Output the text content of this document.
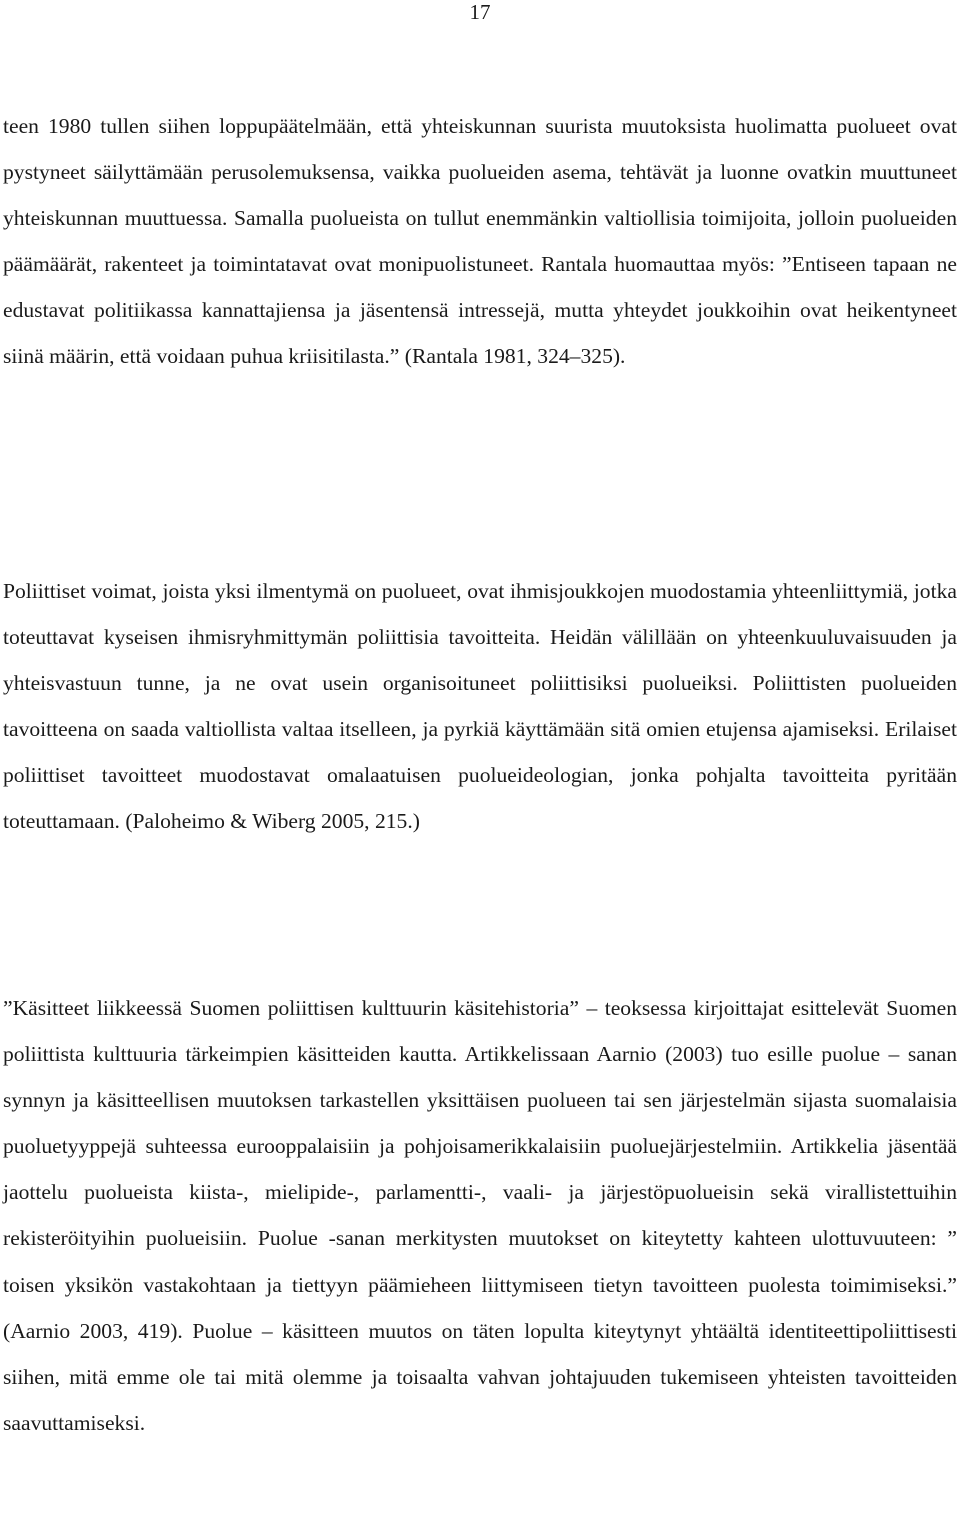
17

teen 1980 tullen siihen loppupäätelmään, että yhteiskunnan suurista muutoksista huolimatta puolueet ovat pystyneet säilyttämään perusolemuksensa, vaikka puolueiden asema, tehtävät ja luonne ovatkin muuttuneet yhteiskunnan muuttuessa. Samalla puolueista on tullut enemmänkin valtiollisia toimijoita, jolloin puolueiden päämäärät, rakenteet ja toimintatavat ovat monipuolistuneet. Rantala huomauttaa myös: ”Entiseen tapaan ne edustavat politiikassa kannattajiensa ja jäsentensä intressejä, mutta yhteydet joukkoihin ovat heikentyneet siinä määrin, että voidaan puhua kriisitilasta.” (Rantala 1981, 324–325).

Poliittiset voimat, joista yksi ilmentymä on puolueet, ovat ihmisjoukkojen muodostamia yhteenliittymiä, jotka toteuttavat kyseisen ihmisryhmittymän poliittisia tavoitteita. Heidän välillään on yhteenkuuluvaisuuden ja yhteisvastuun tunne, ja ne ovat usein organisoituneet poliittisiksi puolueiksi. Poliittisten puolueiden tavoitteena on saada valtiollista valtaa itselleen, ja pyrkiä käyttämään sitä omien etujensa ajamiseksi. Erilaiset poliittiset tavoitteet muodostavat omalaatuisen puolueideologian, jonka pohjalta tavoitteita pyritään toteuttamaan. (Paloheimo & Wiberg 2005, 215.)

”Käsitteet liikkeessä Suomen poliittisen kulttuurin käsitehistoria” – teoksessa kirjoittajat esittelevät Suomen poliittista kulttuuria tärkeimpien käsitteiden kautta. Artikkelissaan Aarnio (2003) tuo esille puolue – sanan synnyn ja käsitteellisen muutoksen tarkastellen yksittäisen puolueen tai sen järjestelmän sijasta suomalaisia puoluetyyppejä suhteessa eurooppalaisiin ja pohjoisamerikkalaisiin puoluejärjestelmiin. Artikkelia jäsentää jaottelu puolueista kiista-, mielipide-, parlamentti-, vaali- ja järjestöpuolueisin sekä virallistettuihin rekisteröityihin puolueisiin. Puolue -sanan merkitysten muutokset on kiteytetty kahteen ulottuvuuteen: ” toisen yksikön vastakohtaan ja tiettyyn päämieheen liittymiseen tietyn tavoitteen puolesta toimimiseksi.” (Aarnio 2003, 419). Puolue – käsitteen muutos on täten lopulta kiteytynyt yhtäältä identiteettipoliittisesti siihen, mitä emme ole tai mitä olemme ja toisaalta vahvan johtajuuden tukemiseen yhteisten tavoitteiden saavuttamiseksi.
